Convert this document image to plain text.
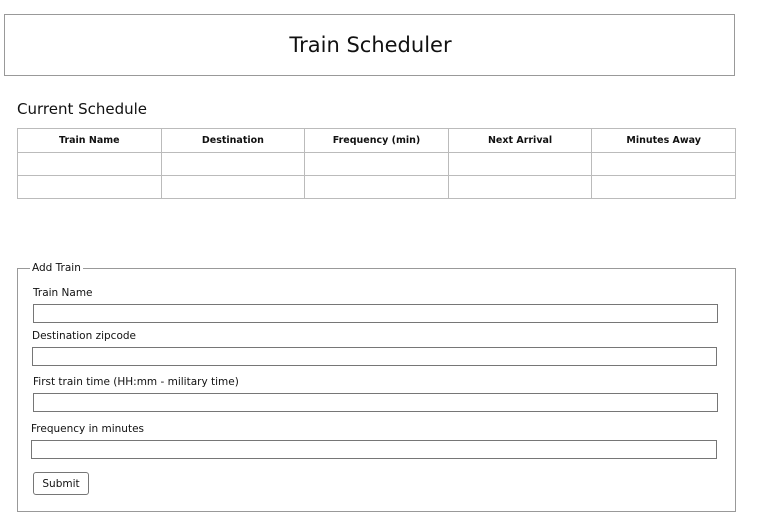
Train Scheduler
Current Schedule
Train Name	Destination	Frequency (min)	Next Arrival	Minutes Away

Add Train
Train Name
Destination zipcode
First train time (HH:mm - military time)
Frequency in minutes
Submit
